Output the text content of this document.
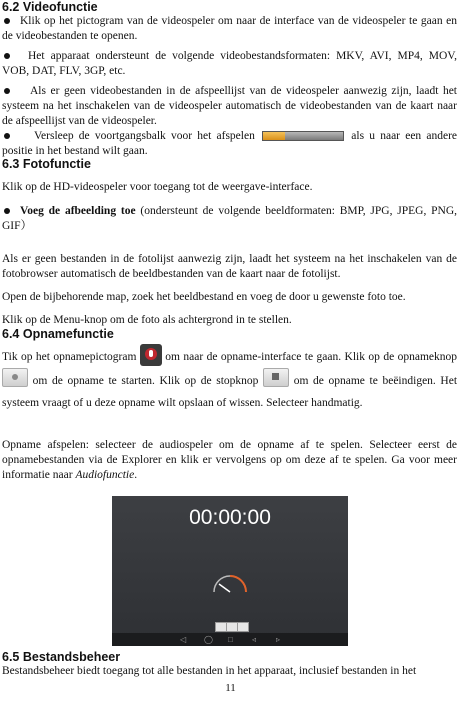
6.2 Videofunctie
Klik op het pictogram van de videospeler om naar de interface van de videospeler te gaan en de videobestanden te openen.
Het apparaat ondersteunt de volgende videobestandsformaten: MKV, AVI, MP4, MOV, VOB, DAT, FLV, 3GP, etc.
Als er geen videobestanden in de afspeellijst van de videospeler aanwezig zijn, laadt het systeem na het inschakelen van de videospeler automatisch de videobestanden van de kaart naar de afspeellijst van de videospeler.
Versleep de voortgangsbalk voor het afspelen	als u naar een andere positie in het bestand wilt gaan.
6.3 Fotofunctie
Klik op de HD-videospeler voor toegang tot de weergave-interface.
Voeg de afbeelding toe (ondersteunt de volgende beeldformaten: BMP, JPG, JPEG, PNG, GIF）
Als er geen bestanden in de fotolijst aanwezig zijn, laadt het systeem na het inschakelen van de fotobrowser automatisch de beeldbestanden van de kaart naar de fotolijst.
Open de bijbehorende map, zoek het beeldbestand en voeg de door u gewenste foto toe.
Klik op de Menu-knop om de foto als achtergrond in te stellen.
6.4 Opnamefunctie
Tik op het opnamepictogram	om naar de opname-interface te gaan. Klik op de opnameknop  om de opname te starten. Klik op de stopknop	om de opname te beëindigen. Het systeem vraagt of u deze opname wilt opslaan of wissen. Selecteer handmatig.
Opname afspelen: selecteer de audiospeler om de opname af te spelen. Selecteer eerst de opnamebestanden via de Explorer en klik er vervolgens op om deze af te spelen. Ga voor meer informatie naar Audiofunctie.
00:00:00
◁ ◯ □ ◃ ▹
6.5 Bestandsbeheer
Bestandsbeheer biedt toegang tot alle bestanden in het apparaat, inclusief bestanden in het
11
